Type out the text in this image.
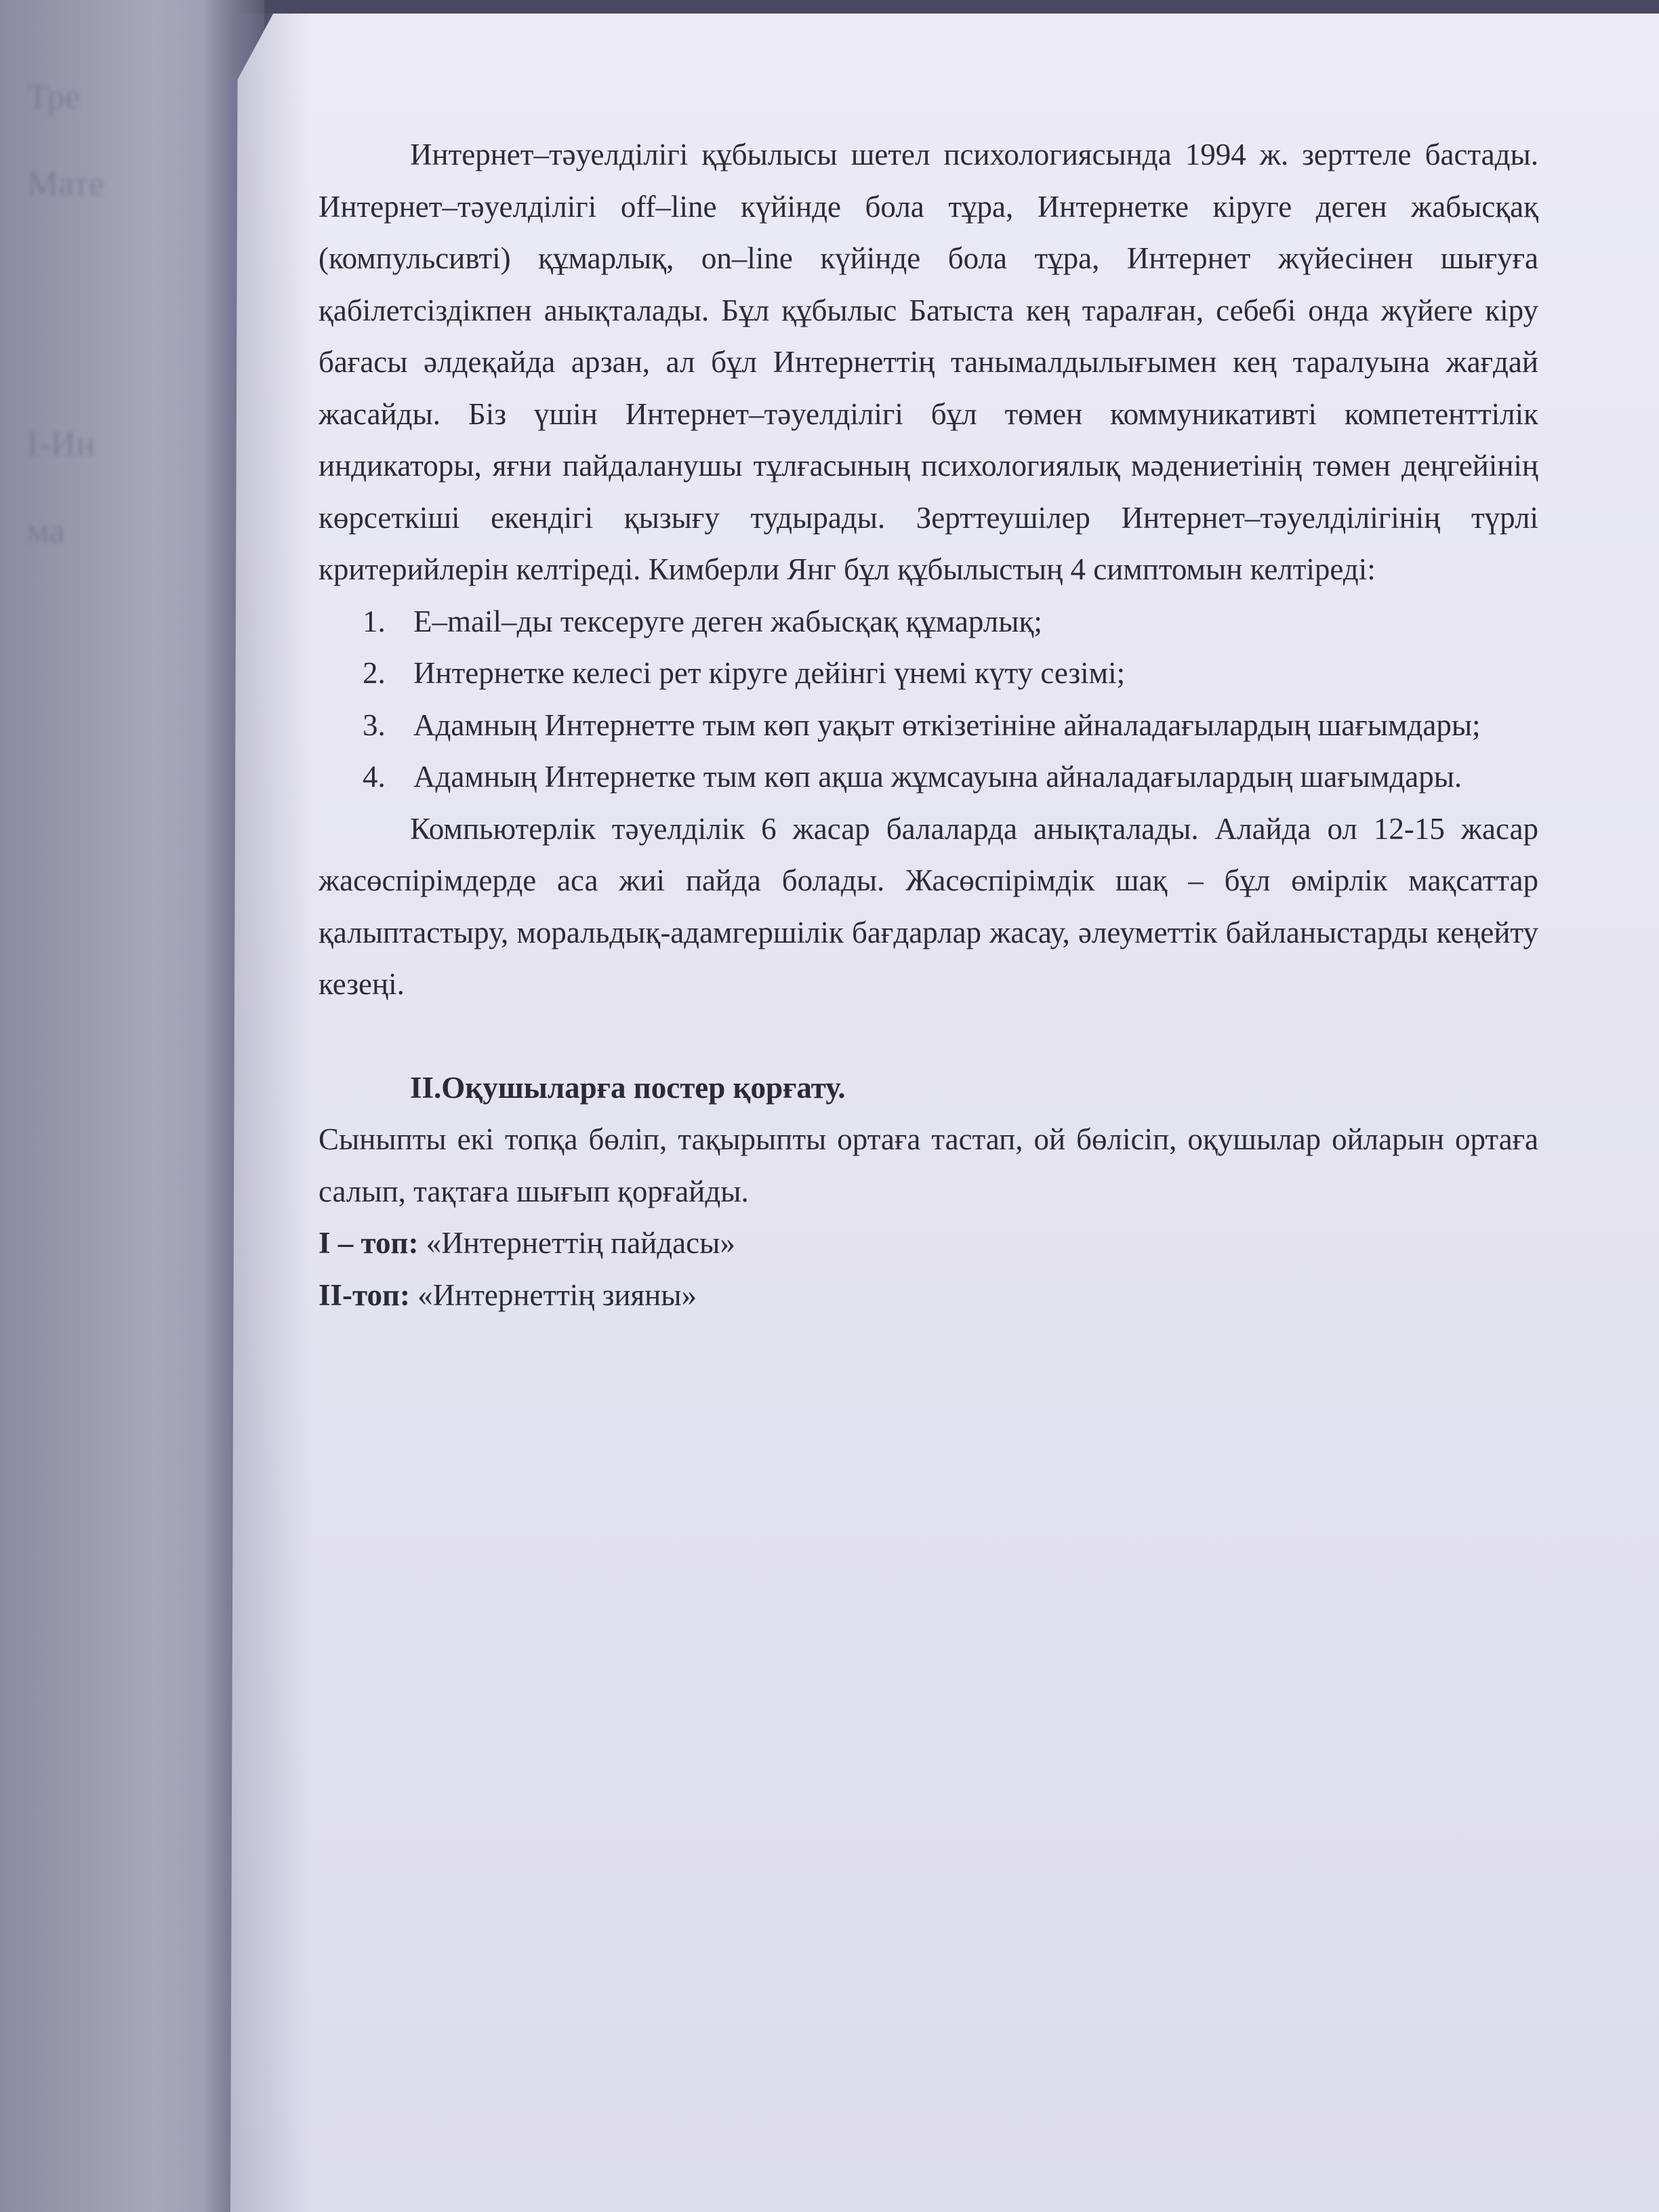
Тре
Мате

I-Ин
ма

Интернет–тәуелділігі құбылысы шетел психологиясында 1994 ж. зерттеле бастады. Интернет–тәуелділігі off–line күйінде бола тұра, Интернетке кіруге деген жабысқақ (компульсивті) құмарлық, on–line күйінде бола тұра, Интернет жүйесінен шығуға қабілетсіздікпен анықталады. Бұл құбылыс Батыста кең таралған, себебі онда жүйеге кіру бағасы әлдеқайда арзан, ал бұл Интернеттің танымалдылығымен кең таралуына жағдай жасайды. Біз үшін Интернет–тәуелділігі бұл төмен коммуникативті компетенттілік индикаторы, яғни пайдаланушы тұлғасының психологиялық мәдениетінің төмен деңгейінің көрсеткіші екендігі қызығу тудырады. Зерттеушілер Интернет–тәуелділігінің түрлі критерийлерін келтіреді. Кимберли Янг бұл құбылыстың 4 симптомын келтіреді:

1. E–mail–ды тексеруге деген жабысқақ құмарлық;
2. Интернетке келесі рет кіруге дейінгі үнемі күту сезімі;
3. Адамның Интернетте тым көп уақыт өткізетініне айналадағылардың шағымдары;
4. Адамның Интернетке тым көп ақша жұмсауына айналадағылардың шағымдары.

Компьютерлік тәуелділік 6 жасар балаларда анықталады. Алайда ол 12-15 жасар жасөспірімдерде аса жиі пайда болады. Жасөспірімдік шақ – бұл өмірлік мақсаттар қалыптастыру, моральдық-адамгершілік бағдарлар жасау, әлеуметтік байланыстарды кеңейту кезеңі.

II.Оқушыларға постер қорғату.

Сыныпты екі топқа бөліп, тақырыпты ортаға тастап, ой бөлісіп, оқушылар ойларын ортаға салып, тақтаға шығып қорғайды.

I – топ: «Интернеттің пайдасы»

II-топ: «Интернеттің зияны»
